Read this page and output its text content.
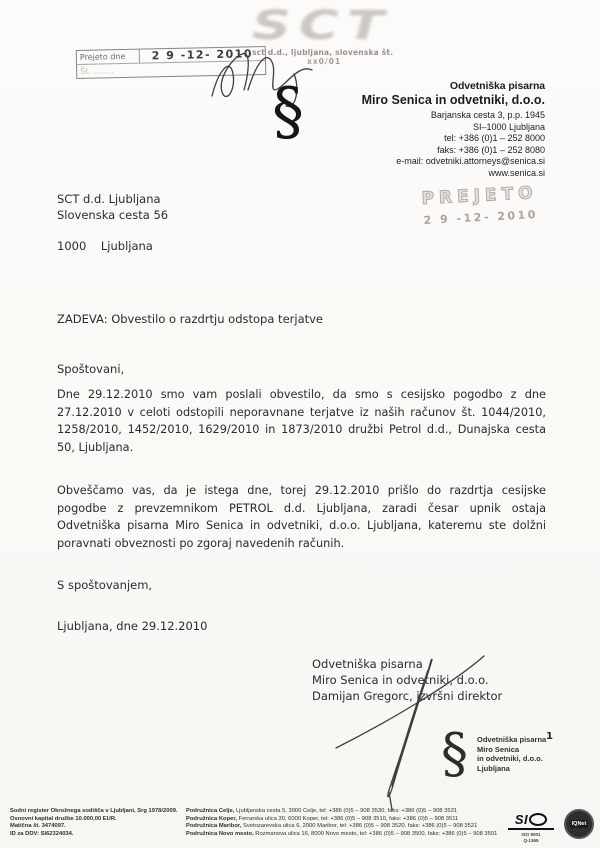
Prejeto dne	2 9 -12- 2010
Št. ........
SCT
sct d.d., ljubljana, slovenska št.
xx0/01
§	Odvetniška pisarna
Miro Senica in odvetniki, d.o.o.
Barjanska cesta 3, p.p. 1945
SI–1000 Ljubljana
tel: +386 (0)1 – 252 8000
faks: +386 (0)1 – 252 8080
e-mail: odvetniki.attorneys@senica.si
www.senica.si
SCT d.d. Ljubljana
Slovenska cesta 56
1000    Ljubljana
PREJETO
2 9 -12- 2010
ZADEVA: Obvestilo o razdrtju odstopa terjatve
Spoštovani,
Dne 29.12.2010 smo vam poslali obvestilo, da smo s cesijsko pogodbo z dne 27.12.2010 v celoti odstopili neporavnane terjatve iz naših računov št. 1044/2010, 1258/2010, 1452/2010, 1629/2010 in 1873/2010 družbi Petrol d.d., Dunajska cesta 50, Ljubljana.
Obveščamo vas, da je istega dne, torej 29.12.2010 prišlo do razdrtja cesijske pogodbe z prevzemnikom PETROL d.d. Ljubljana, zaradi česar upnik ostaja Odvetniška pisarna Miro Senica in odvetniki, d.o.o. Ljubljana, kateremu ste dolžni poravnati obveznosti po zgoraj navedenih računih.
S spoštovanjem,
Ljubljana, dne 29.12.2010
Odvetniška pisarna
Miro Senica in odvetniki, d.o.o.
Damijan Gregorc, izvršni direktor
§ Odvetniška pisarna
Miro Senica
in odvetniki, d.o.o.
Ljubljana
1
Sodni register Okrožnega sodišča v Ljubljani, Srg 1978/2009.
Osnovni kapital družbe 10.000,00 EUR.
Matična št. 3474097.
ID za DDV: SI62324034.
Podružnica Celje, Ljubljanska cesta 5, 3000 Celje, tel: +386 (0)5 – 908 3530, faks: +386 (0)5 – 908 3531
Podružnica Koper, Ferrarska ulica 30, 6000 Koper, tel: +386 (0)5 – 908 3510, faks: +386 (0)5 – 908 3511
Podružnica Maribor, Svetozarevska ulica 6, 2000 Maribor, tel: +386 (0)5 – 908 3520, faks: +386 (0)5 – 908 3521
Podružnica Novo mesto, Rozmanova ulica 16, 8000 Novo mesto, tel: +386 (0)5 – 908 3500, faks: +386 (0)5 – 908 3501
SI
ISO 9001
Q-1365
IQNet
